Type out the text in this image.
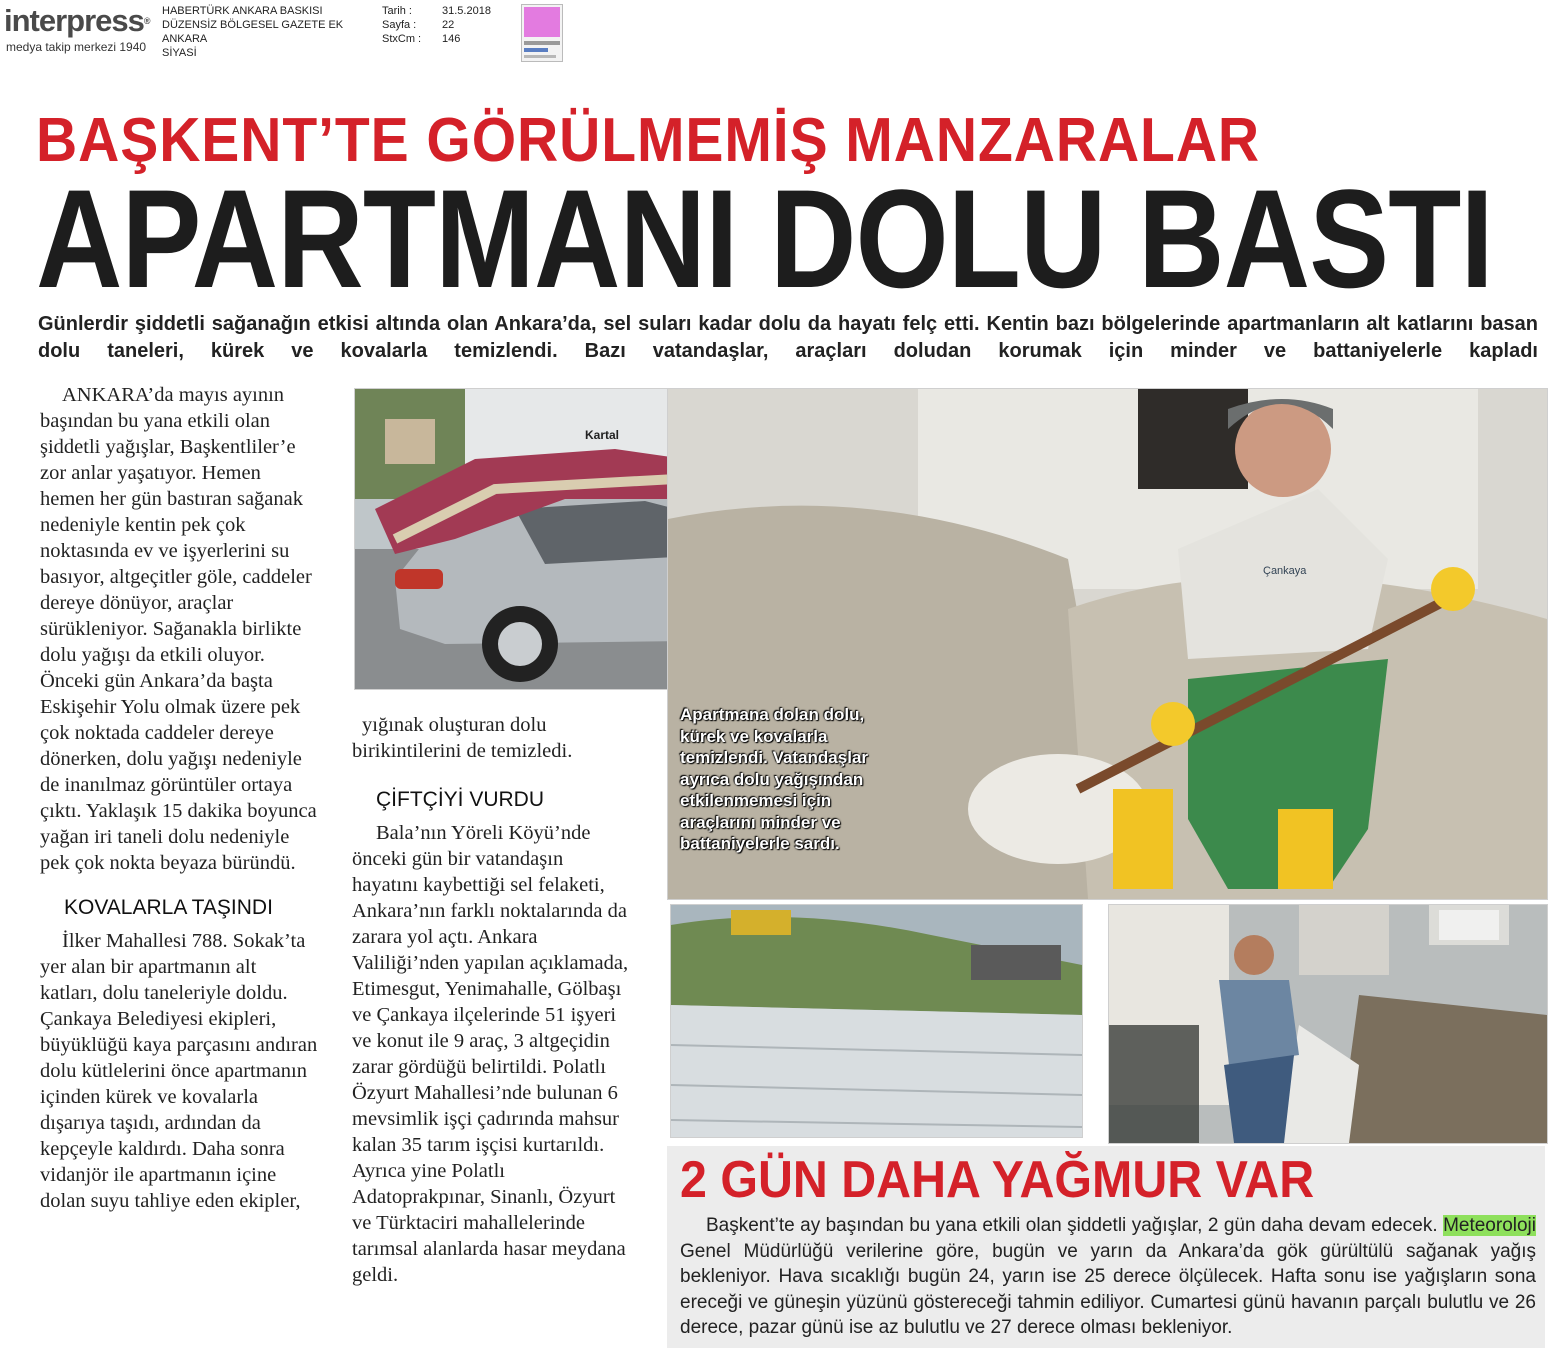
interpress®
medya takip merkezi 1940
HABERTÜRK ANKARA BASKISI
DÜZENSİZ BÖLGESEL GAZETE EK
ANKARA
SİYASİ
Tarih :
Sayfa :
StxCm :
31.5.2018
22
146
BAŞKENT’TE GÖRÜLMEMİŞ MANZARALAR
APARTMANI DOLU BASTI
Günlerdir şiddetli sağanağın etkisi altında olan Ankara’da, sel suları kadar dolu da hayatı felç etti. Kentin bazı bölgelerinde apartmanların alt katlarını basan dolu taneleri, kürek ve kovalarla temizlendi. Bazı vatandaşlar, araçları doludan korumak için minder ve battaniyelerle kapladı

ANKARA’da mayıs ayının başından bu yana etkili olan şiddetli yağışlar, Başkentliler’e zor anlar yaşatıyor. Hemen hemen her gün bastıran sağanak nedeniyle kentin pek çok noktasında ev ve işyerlerini su basıyor, altgeçitler göle, caddeler dereye dönüyor, araçlar sürükleniyor. Sağanakla birlikte dolu yağışı da etkili oluyor. Önceki gün Ankara’da başta Eskişehir Yolu olmak üzere pek çok noktada caddeler dereye dönerken, dolu yağışı nedeniyle de inanılmaz görüntüler ortaya çıktı. Yaklaşık 15 dakika boyunca yağan iri taneli dolu nedeniyle pek çok nokta beyaza büründü.

KOVALARLA TAŞINDI

İlker Mahallesi 788. Sokak’ta yer alan bir apartmanın alt katları, dolu taneleriyle doldu. Çankaya Belediyesi ekipleri, büyüklüğü kaya parçasını andıran dolu kütlelerini önce apartmanın içinden kürek ve kovalarla dışarıya taşıdı, ardından da kepçeyle kaldırdı. Daha sonra vidanjör ile apartmanın içine dolan suyu tahliye eden ekipler,

yığınak oluşturan dolu birikintilerini de temizledi.

ÇİFTÇİYİ VURDU

Bala’nın Yöreli Köyü’nde önceki gün bir vatandaşın hayatını kaybettiği sel felaketi, Ankara’nın farklı noktalarında da zarara yol açtı. Ankara Valiliği’nden yapılan açıklamada, Etimesgut, Yenimahalle, Gölbaşı ve Çankaya ilçelerinde 51 işyeri ve konut ile 9 araç, 3 altgeçidin zarar gördüğü belirtildi. Polatlı Özyurt Mahallesi’nde bulunan 6 mevsimlik işçi çadırında mahsur kalan 35 tarım işçisi kurtarıldı. Ayrıca yine Polatlı Adatoprakpınar, Sinanlı, Özyurt ve Türktaciri mahallelerinde tarımsal alanlarda hasar meydana geldi.

Kartal
Çankaya
Apartmana dolan dolu, kürek ve kovalarla temizlendi. Vatandaşlar ayrıca dolu yağışından etkilenmemesi için araçlarını minder ve battaniyelerle sardı.
2 GÜN DAHA YAĞMUR VAR
Başkent’te ay başından bu yana etkili olan şiddetli yağışlar, 2 gün daha devam edecek. Meteoroloji Genel Müdürlüğü verilerine göre, bugün ve yarın da Ankara’da gök gürültülü sağanak yağış bekleniyor. Hava sıcaklığı bugün 24, yarın ise 25 derece ölçülecek. Hafta sonu ise yağışların sona ereceği ve güneşin yüzünü göstereceği tahmin ediliyor. Cumartesi günü havanın parçalı bulutlu ve 26 derece, pazar günü ise az bulutlu ve 27 derece olması bekleniyor.
